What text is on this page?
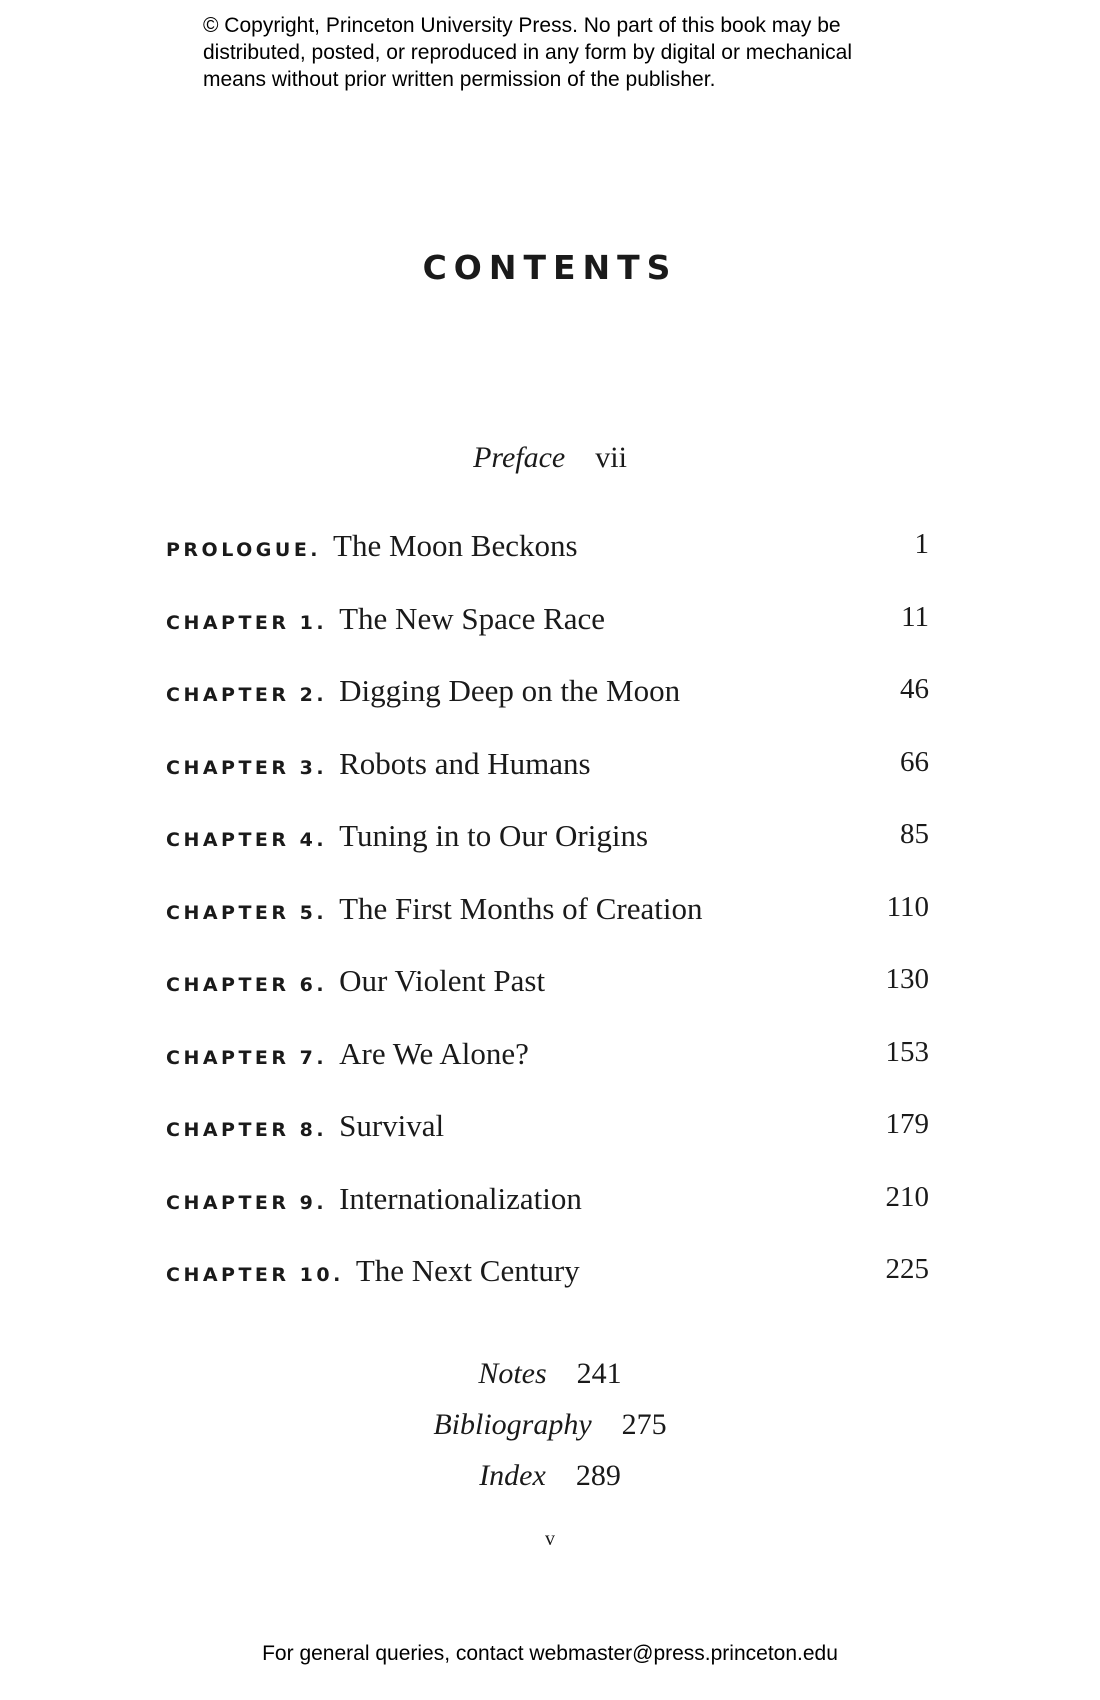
© Copyright, Princeton University Press. No part of this book may be
distributed, posted, or reproduced in any form by digital or mechanical
means without prior written permission of the publisher.
CONTENTS
Preface vii
PROLOGUE. The Moon Beckons	1
CHAPTER 1. The New Space Race	11
CHAPTER 2. Digging Deep on the Moon	46
CHAPTER 3. Robots and Humans	66
CHAPTER 4. Tuning in to Our Origins	85
CHAPTER 5. The First Months of Creation	110
CHAPTER 6. Our Violent Past	130
CHAPTER 7. Are We Alone?	153
CHAPTER 8. Survival	179
CHAPTER 9. Internationalization	210
CHAPTER 10. The Next Century	225
Notes 241
Bibliography 275
Index 289
v
For general queries, contact webmaster@press.princeton.edu
